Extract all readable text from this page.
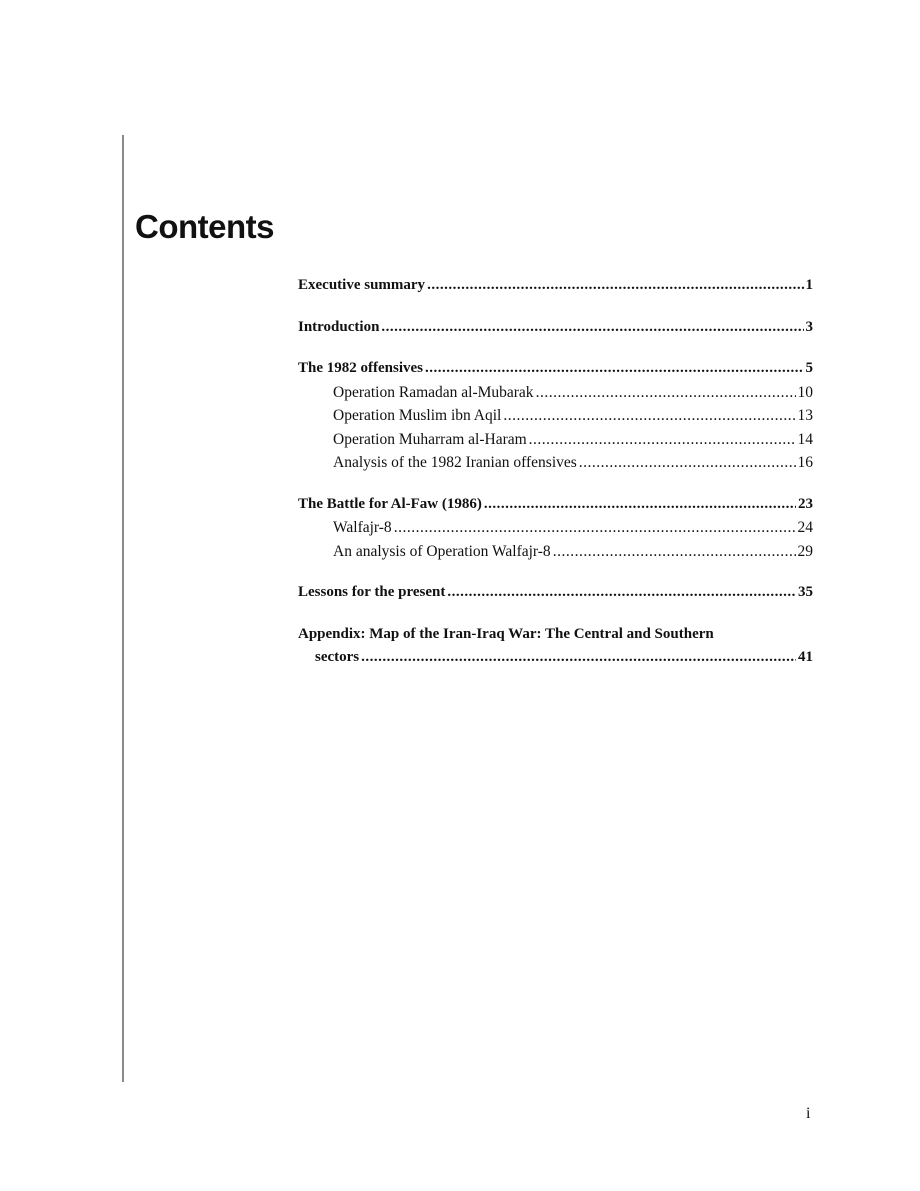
Contents
Executive summary .....	1
Introduction .....	3
The 1982 offensives .....	5
Operation Ramadan al-Mubarak .....	10
Operation Muslim ibn Aqil .....	13
Operation Muharram al-Haram .....	14
Analysis of the 1982 Iranian offensives .....	16
The Battle for Al-Faw (1986) .....	23
Walfajr-8 .....	24
An analysis of Operation Walfajr-8 .....	29
Lessons for the present .....	35
Appendix: Map of the Iran-Iraq War: The Central and Southern
sectors .....	41
i
